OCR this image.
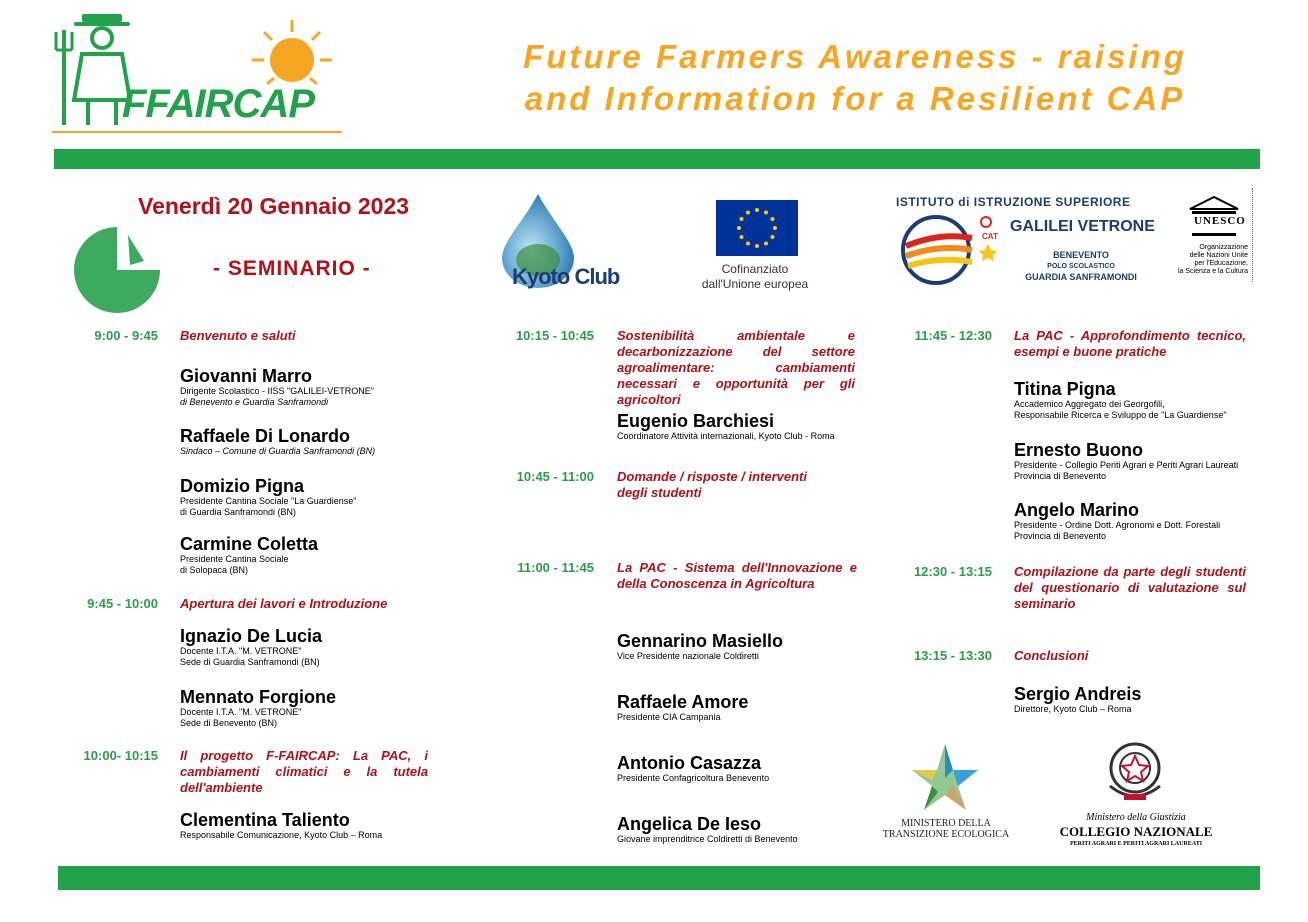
FFAIRCAP
Future Farmers Awareness - raising
and Information for a Resilient CAP
Venerdì 20 Gennaio 2023
- SEMINARIO -	Kyoto Club	Cofinanziato
dall'Unione europea
ISTITUTO di ISTRUZIONE SUPERIORE
CAT
GALILEI VETRONE
BENEVENTO
POLO SCOLASTICO
GUARDIA SANFRAMONDI
UNESCO
Organizzazione
delle Nazioni Unite
per l'Educazione,
la Scienza e la Cultura
9:00 - 9:45 Benvenuto e saluti
Giovanni Marro
Dirigente Scolastico - IISS "GALILEI-VETRONE"
di Benevento e Guardia Sanframondi
Raffaele Di Lonardo
Sindaco – Comune di Guardia Sanframondi (BN)
Domizio Pigna
Presidente Cantina Sociale "La Guardiense"
di Guardia Sanframondi (BN)
Carmine Coletta
Presidente Cantina Sociale
di Solopaca (BN)
9:45 - 10:00 Apertura dei lavori e Introduzione
Ignazio De Lucia
Docente I.T.A. "M. VETRONE"
Sede di Guardia Sanframondi (BN)
Mennato Forgione
Docente I.T.A. "M. VETRONE"
Sede di Benevento (BN)
10:00- 10:15 Il progetto F-FAIRCAP: La PAC, i cambiamenti climatici e la tutela dell'ambiente
Clementina Taliento
Responsabile Comunicazione, Kyoto Club – Roma
10:15 - 10:45 Sostenibilità ambientale e decarbonizzazione del settore agroalimentare: cambiamenti necessari e opportunità per gli agricoltori
Eugenio Barchiesi
Coordinatore Attività internazionali, Kyoto Club - Roma
10:45 - 11:00 Domande / risposte / interventi degli studenti
11:00 - 11:45 La PAC - Sistema dell'Innovazione e della Conoscenza in Agricoltura
Gennarino Masiello
Vice Presidente nazionale Coldiretti
Raffaele Amore
Presidente CIA Campania
Antonio Casazza
Presidente Confagricoltura Benevento
Angelica De Ieso
Giovane imprenditrice Coldiretti di Benevento
11:45 - 12:30 La PAC - Approfondimento tecnico, esempi e buone pratiche
Titina Pigna
Accademico Aggregato dei Georgofili,
Responsabile Ricerca e Sviluppo de "La Guardiense"
Ernesto Buono
Presidente - Collegio Periti Agrari e Periti Agrari Laureati
Provincia di Benevento
Angelo Marino
Presidente - Ordine Dott. Agronomi e Dott. Forestali
Provincia di Benevento
12:30 - 13:15 Compilazione da parte degli studenti del questionario di valutazione sul seminario
13:15 - 13:30 Conclusioni
Sergio Andreis
Direttore, Kyoto Club – Roma
MINISTERO DELLA
TRANSIZIONE ECOLOGICA
Ministero della Giustizia
COLLEGIO NAZIONALE
PERITI AGRARI E PERITI AGRARI LAUREATI
